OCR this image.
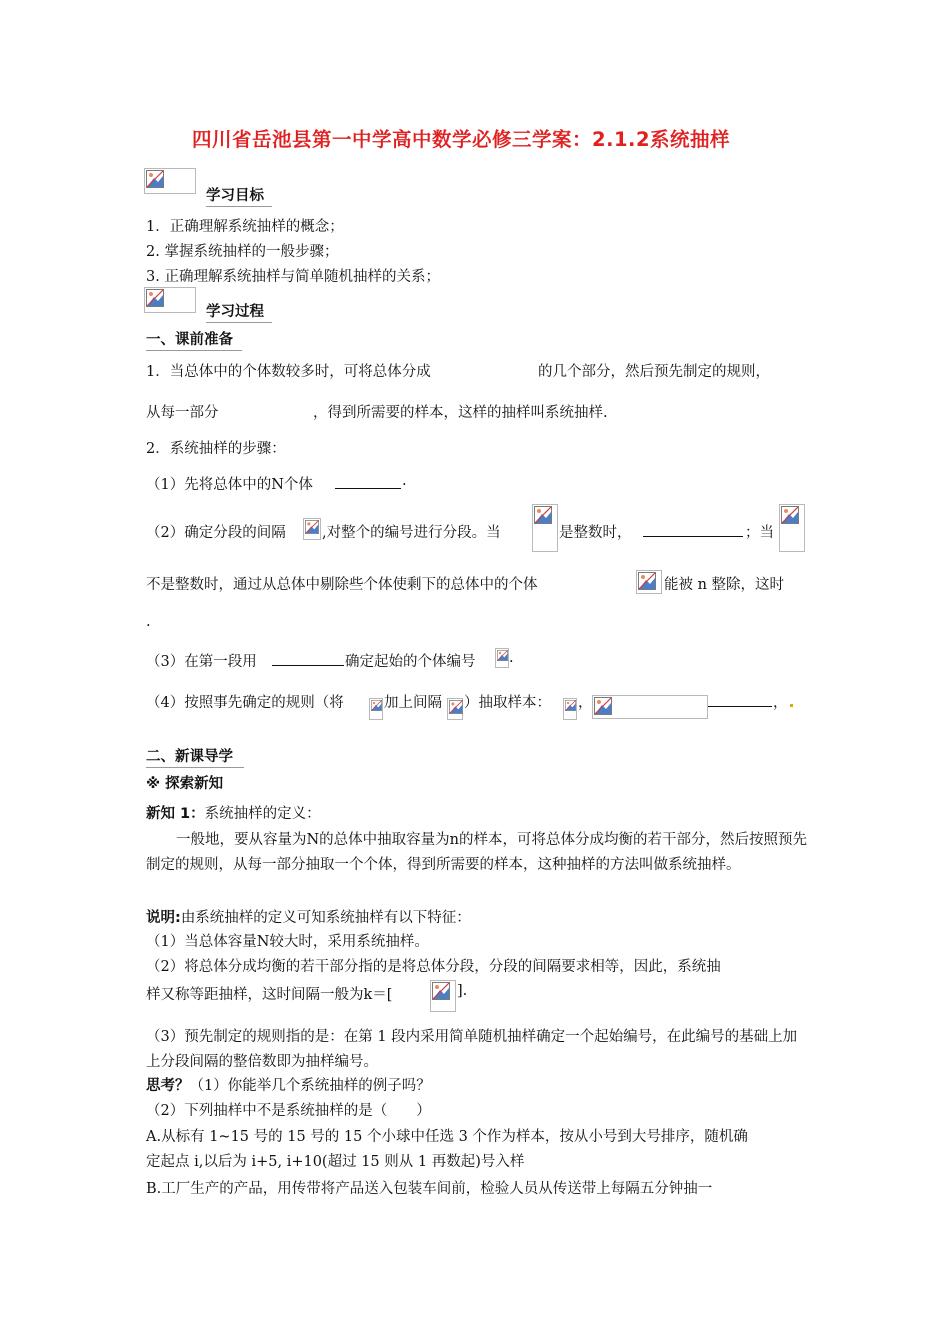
四川省岳池县第一中学高中数学必修三学案：2.1.2系统抽样
学习目标
1．正确理解系统抽样的概念；
2. 掌握系统抽样的一般步骤；
3. 正确理解系统抽样与简单随机抽样的关系；
学习过程
一、课前准备
1．当总体中的个体数较多时，可将总体分成	的几个部分，然后预先制定的规则，
从每一部分	，得到所需要的样本，这样的抽样叫系统抽样.
2．系统抽样的步骤：
（1）先将总体中的N个体	.
（2）确定分段的间隔	,对整个的编号进行分段。当	是整数时，	；当
不是整数时，通过从总体中剔除些个体使剩下的总体中的个体	能被 n 整除，这时
.
（3）在第一段用	确定起始的个体编号 .
（4）按照事先确定的规则（将	加上间隔 ）抽取样本： ，	，
二、新课导学
※ 探索新知
新知 1：系统抽样的定义：
一般地，要从容量为N的总体中抽取容量为n的样本，可将总体分成均衡的若干部分，然后按照预先制定的规则，从每一部分抽取一个个体，得到所需要的样本，这种抽样的方法叫做系统抽样。
说明:由系统抽样的定义可知系统抽样有以下特征：
（1）当总体容量N较大时，采用系统抽样。
（2）将总体分成均衡的若干部分指的是将总体分段，分段的间隔要求相等，因此，系统抽
样又称等距抽样，这时间隔一般为k＝[	].
（3）预先制定的规则指的是：在第 1 段内采用简单随机抽样确定一个起始编号，在此编号的基础上加上分段间隔的整倍数即为抽样编号。
思考？（1）你能举几个系统抽样的例子吗？
（2）下列抽样中不是系统抽样的是（　　）
A.从标有 1~15 号的 15 号的 15 个小球中任选 3 个作为样本，按从小号到大号排序，随机确
定起点 i,以后为 i+5, i+10(超过 15 则从 1 再数起)号入样
B.工厂生产的产品，用传带将产品送入包装车间前，检验人员从传送带上每隔五分钟抽一
